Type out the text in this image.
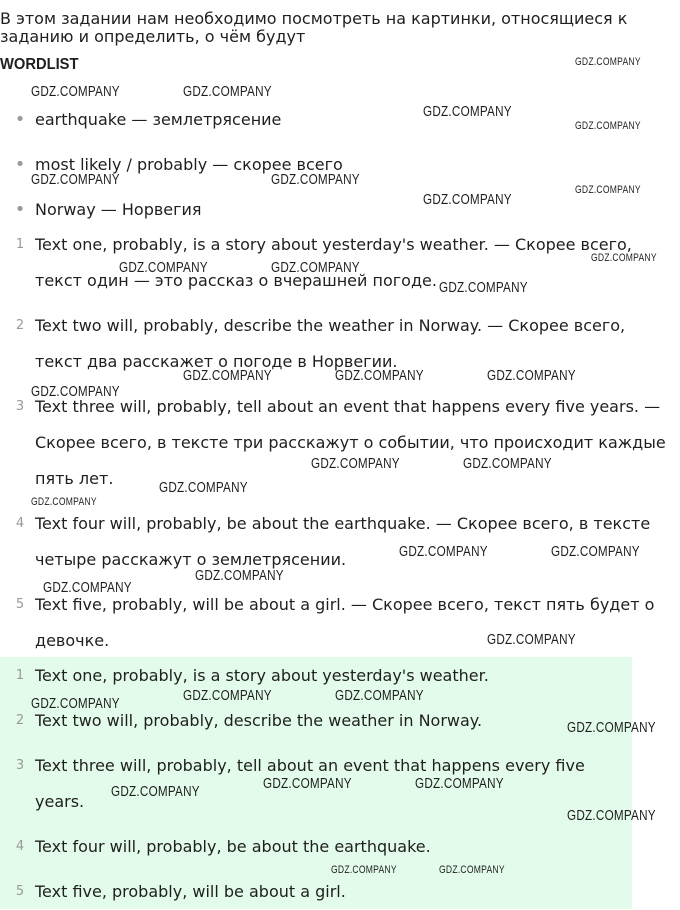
В этом задании нам необходимо посмотреть на картинки, относящиеся к
заданию и определить, о чём будут
WORDLIST
• earthquake — землетрясение
• most likely / probably — скорее всего
• Norway — Норвегия
1 Text one, probably, is a story about yesterday's weather. — Скорее всего, текст один — это рассказ о вчерашней погоде.
2 Text two will, probably, describe the weather in Norway. — Скорее всего, текст два расскажет о погоде в Норвегии.
3 Text three will, probably, tell about an event that happens every five years. — Скорее всего, в тексте три расскажут о событии, что происходит каждые пять лет.
4 Text four will, probably, be about the earthquake. — Скорее всего, в тексте четыре расскажут о землетрясении.
5 Text five, probably, will be about a girl. — Скорее всего, текст пять будет о девочке.
1 Text one, probably, is a story about yesterday's weather.
2 Text two will, probably, describe the weather in Norway.
3 Text three will, probably, tell about an event that happens every five years.
4 Text four will, probably, be about the earthquake.
5 Text five, probably, will be about a girl.
GDZ.COMPANY
GDZ.COMPANY	GDZ.COMPANY
GDZ.COMPANY
GDZ.COMPANY
GDZ.COMPANY	GDZ.COMPANY
GDZ.COMPANY
GDZ.COMPANY
GDZ.COMPANY
GDZ.COMPANY	GDZ.COMPANY
GDZ.COMPANY
GDZ.COMPANY	GDZ.COMPANY	GDZ.COMPANY
GDZ.COMPANY
GDZ.COMPANY	GDZ.COMPANY
GDZ.COMPANY
GDZ.COMPANY
GDZ.COMPANY	GDZ.COMPANY
GDZ.COMPANY
GDZ.COMPANY
GDZ.COMPANY
GDZ.COMPANY	GDZ.COMPANY
GDZ.COMPANY
GDZ.COMPANY
GDZ.COMPANY	GDZ.COMPANY
GDZ.COMPANY
GDZ.COMPANY
GDZ.COMPANY	GDZ.COMPANY
